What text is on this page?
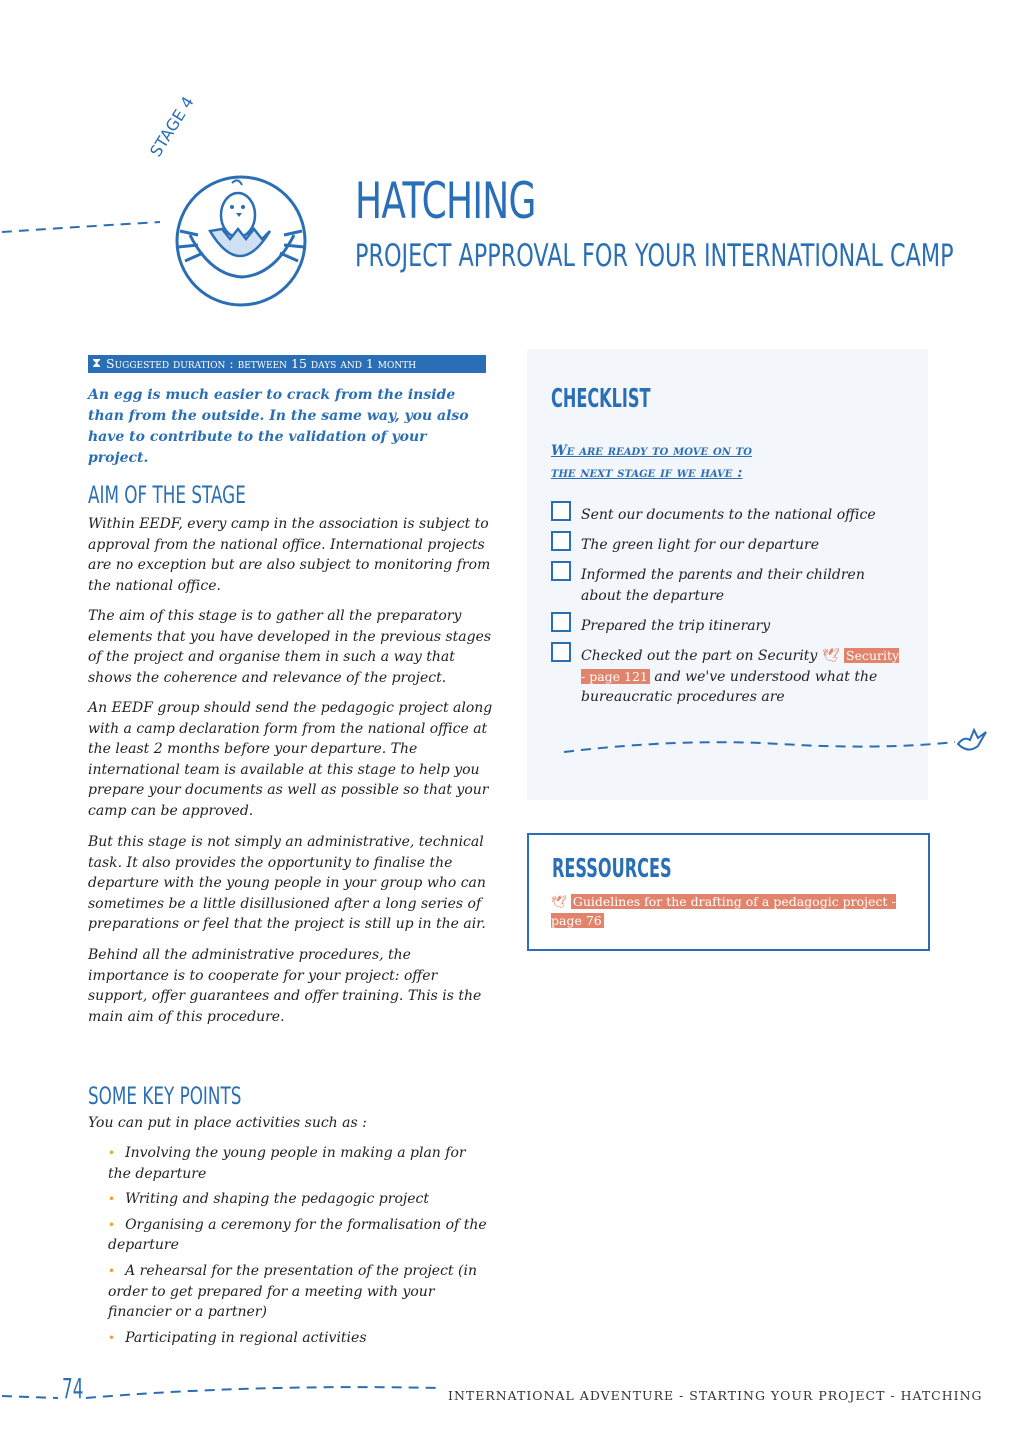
STAGE 4
HATCHING
PROJECT APPROVAL FOR YOUR INTERNATIONAL CAMP
⧗ Suggested duration : between 15 days and 1 month

An egg is much easier to crack from the inside than from the outside. In the same way, you also have to contribute to the validation of your project.

AIM OF THE STAGE

Within EEDF, every camp in the association is subject to approval from the national office. International projects are no exception but are also subject to monitoring from the national office.

The aim of this stage is to gather all the preparatory elements that you have developed in the previous stages of the project and organise them in such a way that shows the coherence and relevance of the project.

An EEDF group should send the pedagogic project along with a camp declaration form from the national office at the least 2 months before your departure. The international team is available at this stage to help you prepare your documents as well as possible so that your camp can be approved.

But this stage is not simply an administrative, technical task. It also provides the opportunity to finalise the departure with the young people in your group who can sometimes be a little disillusioned after a long series of preparations or feel that the project is still up in the air.

Behind all the administrative procedures, the importance is to cooperate for your project: offer support, offer guarantees and offer training. This is the main aim of this procedure.

SOME KEY POINTS

You can put in place activities such as :

• Involving the young people in making a plan for the departure
• Writing and shaping the pedagogic project
• Organising a ceremony for the formalisation of the departure
• A rehearsal for the presentation of the project (in order to get prepared for a meeting with your financier or a partner)
• Participating in regional activities
CHECKLIST
We are ready to move on to
the next stage if we have :
Sent our documents to the national office
The green light for our departure
Informed the parents and their children about the departure
Prepared the trip itinerary
Checked out the part on Security 🕊 Security - page 121 and we've understood what the bureaucratic procedures are
RESSOURCES

🕊 Guidelines for the drafting of a pedagogic project - page 76

74	INTERNATIONAL ADVENTURE - STARTING YOUR PROJECT - HATCHING
